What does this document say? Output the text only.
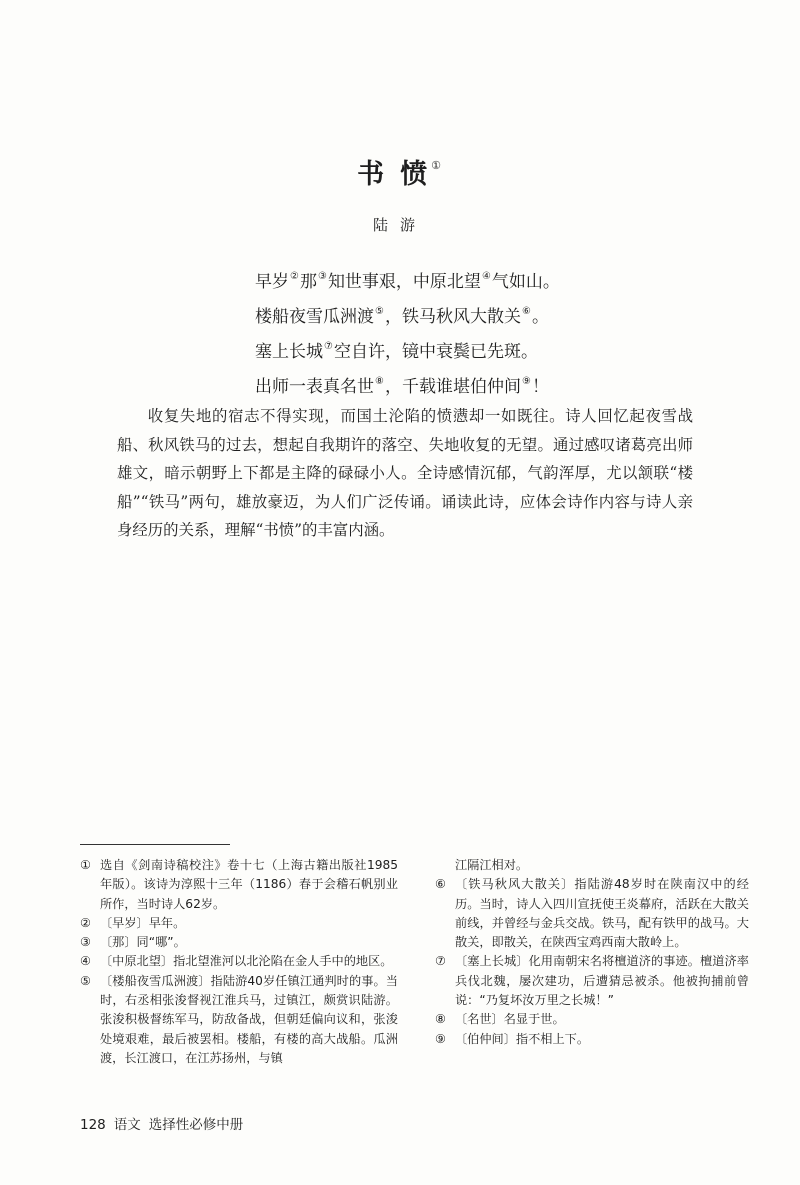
书 愤 ①
陆游
早岁②那③知世事艰，中原北望④气如山。
楼船夜雪瓜洲渡⑤，铁马秋风大散关⑥。
塞上长城⑦空自许，镜中衰鬓已先斑。
出师一表真名世⑧，千载谁堪伯仲间⑨！
收复失地的宿志不得实现，而国土沦陷的愤懑却一如既往。诗人回忆起夜雪战船、秋风铁马的过去，想起自我期许的落空、失地收复的无望。通过感叹诸葛亮出师雄文，暗示朝野上下都是主降的碌碌小人。全诗感情沉郁，气韵浑厚，尤以颔联“楼船”“铁马”两句，雄放豪迈，为人们广泛传诵。诵读此诗，应体会诗作内容与诗人亲身经历的关系，理解“书愤”的丰富内涵。
① 选自《剑南诗稿校注》卷十七（上海古籍出版社1985年版）。该诗为淳熙十三年（1186）春于会稽石帆别业所作，当时诗人62岁。
② 〔早岁〕早年。
③ 〔那〕同“哪”。
④ 〔中原北望〕指北望淮河以北沦陷在金人手中的地区。
⑤ 〔楼船夜雪瓜洲渡〕指陆游40岁任镇江通判时的事。当时，右丞相张浚督视江淮兵马，过镇江，颇赏识陆游。张浚积极督练军马，防敌备战，但朝廷偏向议和，张浚处境艰难，最后被罢相。楼船，有楼的高大战船。瓜洲渡，长江渡口，在江苏扬州，与镇
江隔江相对。
⑥ 〔铁马秋风大散关〕指陆游48岁时在陕南汉中的经历。当时，诗人入四川宣抚使王炎幕府，活跃在大散关前线，并曾经与金兵交战。铁马，配有铁甲的战马。大散关，即散关，在陕西宝鸡西南大散岭上。
⑦ 〔塞上长城〕化用南朝宋名将檀道济的事迹。檀道济率兵伐北魏，屡次建功，后遭猜忌被杀。他被拘捕前曾说：“乃复坏汝万里之长城！”
⑧ 〔名世〕名显于世。
⑨ 〔伯仲间〕指不相上下。
128 语文 选择性必修中册
